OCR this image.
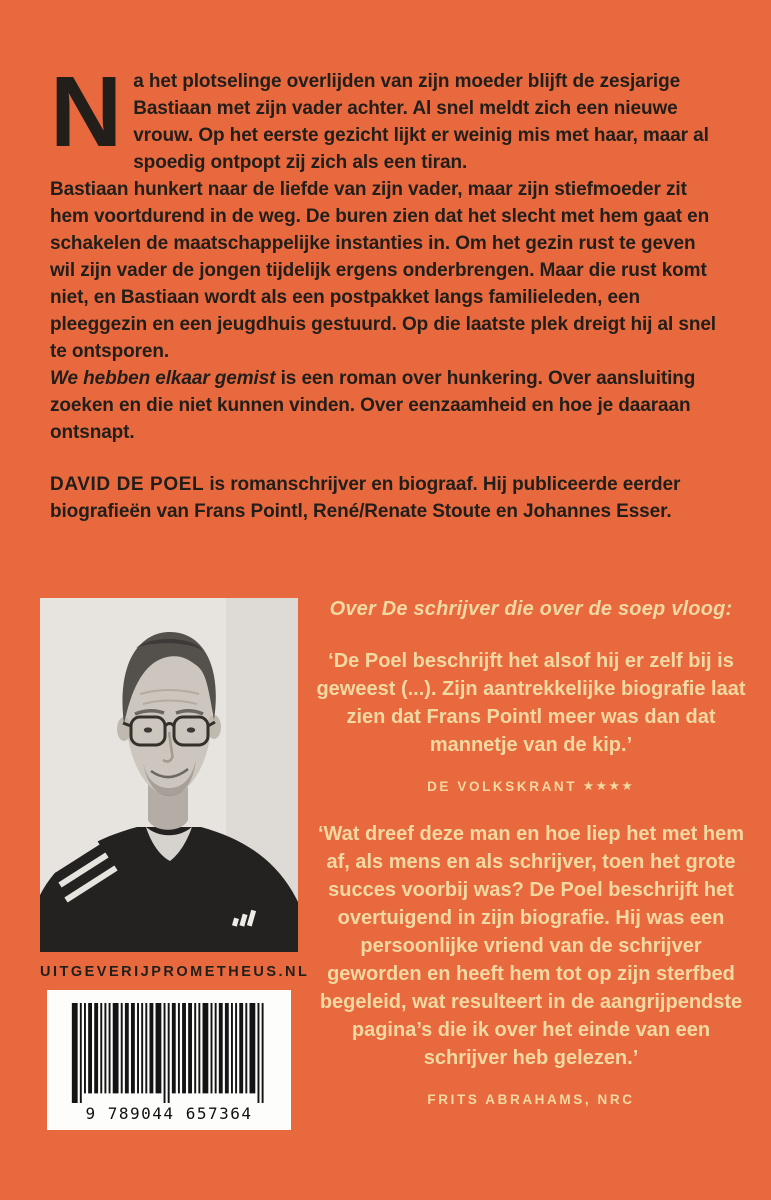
Na het plotselinge overlijden van zijn moeder blijft de zesjarige Bastiaan met zijn vader achter. Al snel meldt zich een nieuwe vrouw. Op het eerste gezicht lijkt er weinig mis met haar, maar al spoedig ontpopt zij zich als een tiran.

Bastiaan hunkert naar de liefde van zijn vader, maar zijn stiefmoeder zit hem voortdurend in de weg. De buren zien dat het slecht met hem gaat en schakelen de maatschappelijke instanties in. Om het gezin rust te geven wil zijn vader de jongen tijdelijk ergens onderbrengen. Maar die rust komt niet, en Bastiaan wordt als een postpakket langs familieleden, een pleeggezin en een jeugdhuis gestuurd. Op die laatste plek dreigt hij al snel te ontsporen.

We hebben elkaar gemist is een roman over hunkering. Over aansluiting zoeken en die niet kunnen vinden. Over eenzaamheid en hoe je daaraan ontsnapt.

DAVID DE POEL is romanschrijver en biograaf. Hij publiceerde eerder biografieën van Frans Pointl, René/Renate Stoute en Johannes Esser.

UITGEVERIJPROMETHEUS.NL
9 789044 657364
Over De schrijver die over de soep vloog:

‘De Poel beschrijft het alsof hij er zelf bij is geweest (...). Zijn aantrekkelijke biografie laat zien dat Frans Pointl meer was dan dat mannetje van de kip.’

DE VOLKSKRANT ★★★★

‘Wat dreef deze man en hoe liep het met hem af, als mens en als schrijver, toen het grote succes voorbij was? De Poel beschrijft het overtuigend in zijn biografie. Hij was een persoonlijke vriend van de schrijver geworden en heeft hem tot op zijn sterfbed begeleid, wat resulteert in de aangrijpendste pagina’s die ik over het einde van een schrijver heb gelezen.’

FRITS ABRAHAMS, NRC
